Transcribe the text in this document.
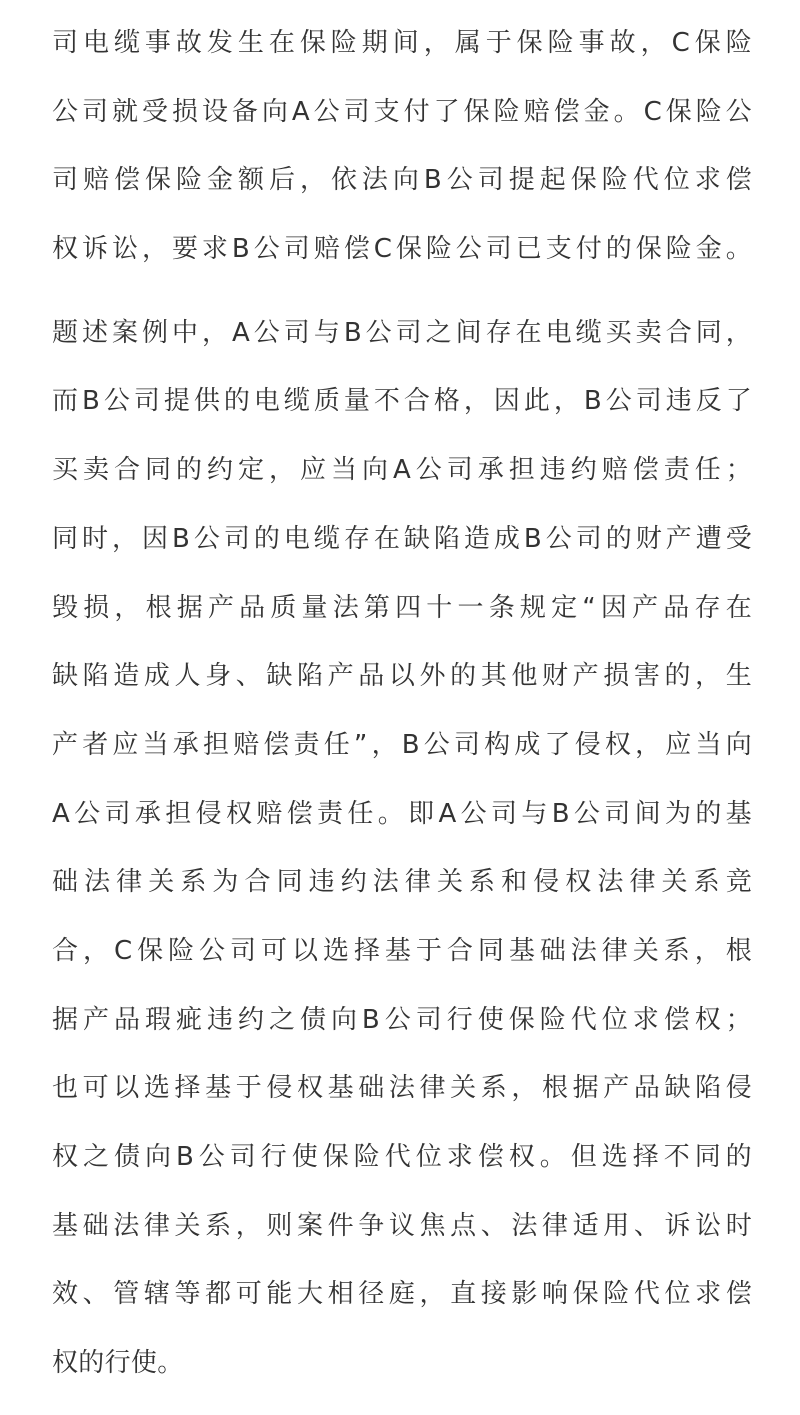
司电缆事故发生在保险期间，属于保险事故，C保险
公司就受损设备向A公司支付了保险赔偿金。C保险公
司赔偿保险金额后，依法向B公司提起保险代位求偿
权诉讼，要求B公司赔偿C保险公司已支付的保险金。
题述案例中，A公司与B公司之间存在电缆买卖合同，
而B公司提供的电缆质量不合格，因此，B公司违反了
买卖合同的约定，应当向A公司承担违约赔偿责任；
同时，因B公司的电缆存在缺陷造成B公司的财产遭受
毁损，根据产品质量法第四十一条规定“因产品存在
缺陷造成人身、缺陷产品以外的其他财产损害的，生
产者应当承担赔偿责任”，B公司构成了侵权，应当向
A公司承担侵权赔偿责任。即A公司与B公司间为的基
础法律关系为合同违约法律关系和侵权法律关系竞
合，C保险公司可以选择基于合同基础法律关系，根
据产品瑕疵违约之债向B公司行使保险代位求偿权；
也可以选择基于侵权基础法律关系，根据产品缺陷侵
权之债向B公司行使保险代位求偿权。但选择不同的
基础法律关系，则案件争议焦点、法律适用、诉讼时
效、管辖等都可能大相径庭，直接影响保险代位求偿
权的行使。
